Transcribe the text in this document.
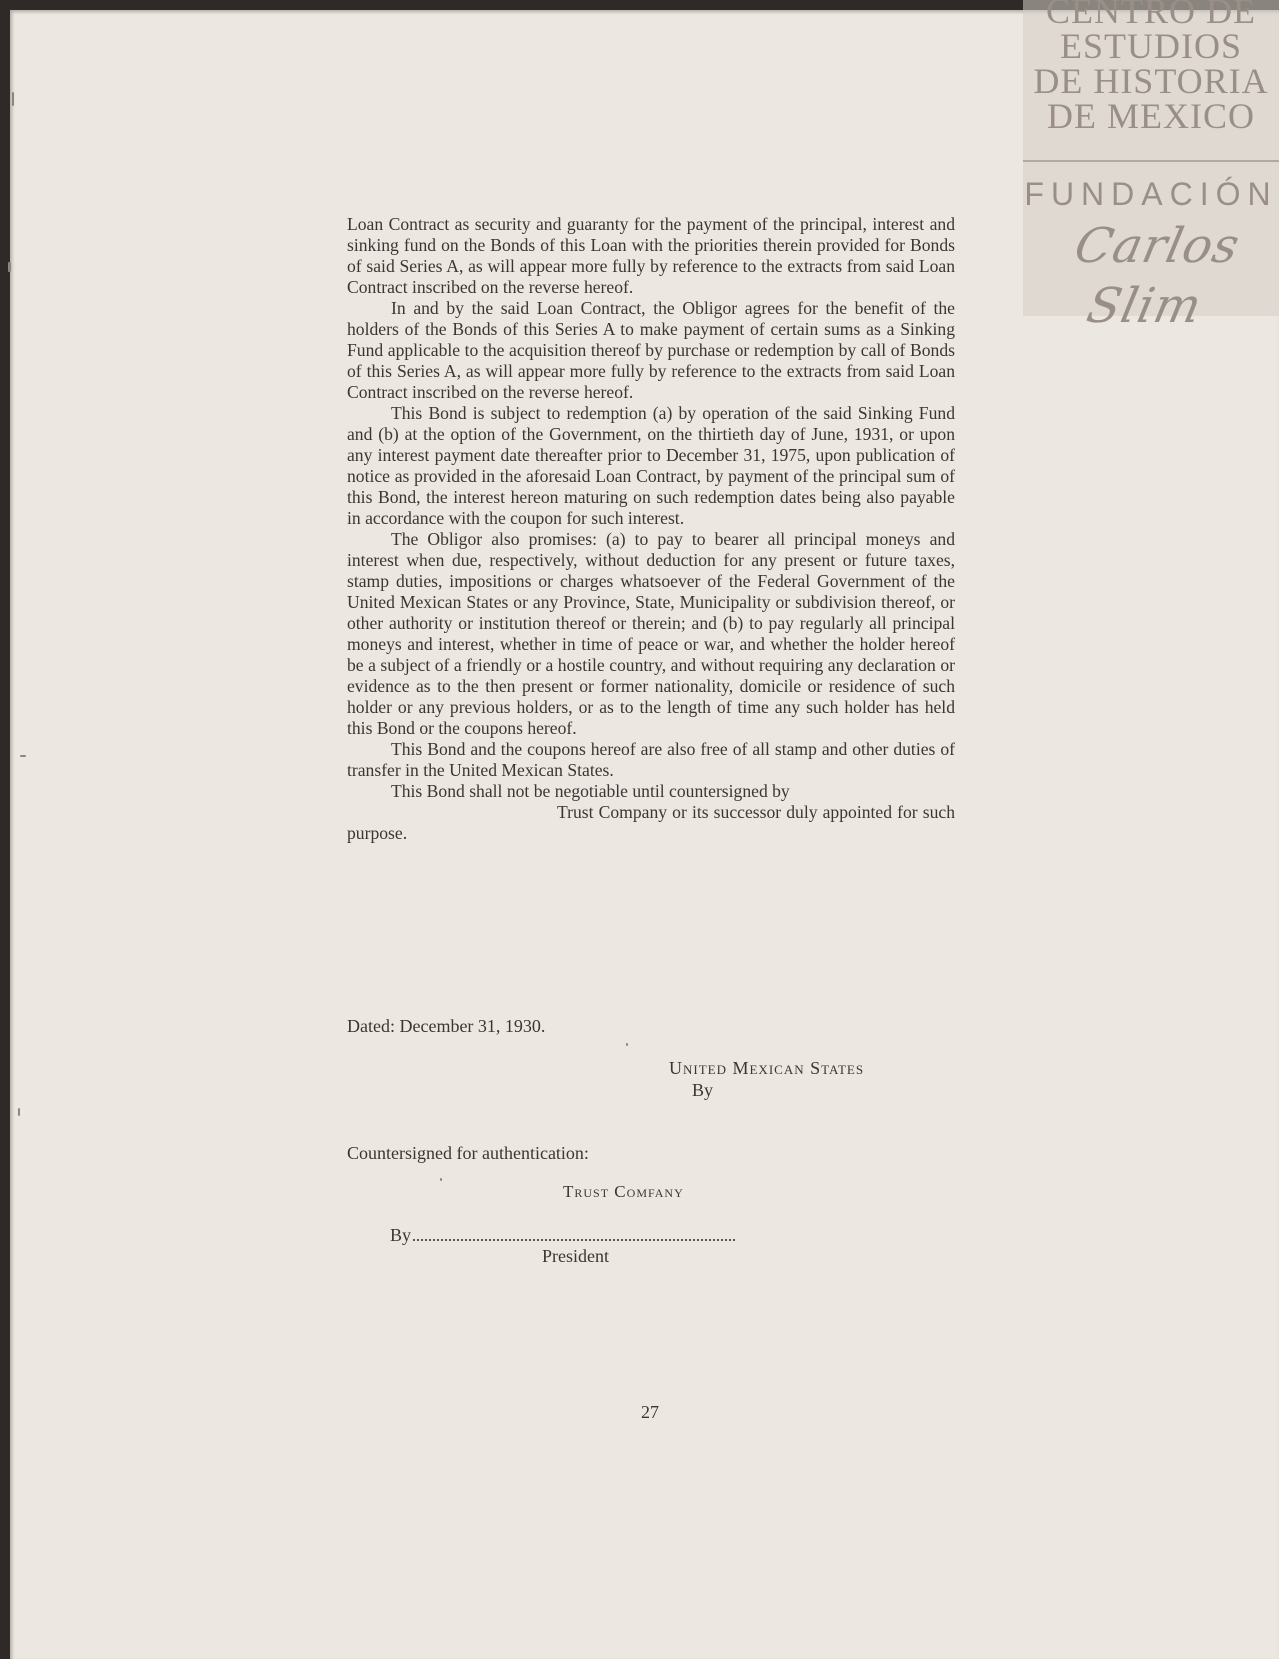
CENTRO DE
ESTUDIOS
DE HISTORIA
DE MEXICO
FUNDACIÓN
Carlos Slim

Loan Contract as security and guaranty for the payment of the principal, interest and sinking fund on the Bonds of this Loan with the priorities therein provided for Bonds of said Series A, as will appear more fully by reference to the extracts from said Loan Contract inscribed on the reverse hereof.

In and by the said Loan Contract, the Obligor agrees for the benefit of the holders of the Bonds of this Series A to make payment of certain sums as a Sinking Fund applicable to the acquisition thereof by purchase or redemption by call of Bonds of this Series A, as will appear more fully by reference to the extracts from said Loan Contract inscribed on the reverse hereof.

This Bond is subject to redemption (a) by operation of the said Sinking Fund and (b) at the option of the Government, on the thirtieth day of June, 1931, or upon any interest payment date thereafter prior to December 31, 1975, upon publication of notice as provided in the aforesaid Loan Contract, by payment of the principal sum of this Bond, the interest hereon maturing on such redemption dates being also payable in accordance with the coupon for such interest.

The Obligor also promises: (a) to pay to bearer all principal moneys and interest when due, respectively, without deduction for any present or future taxes, stamp duties, impositions or charges whatsoever of the Federal Government of the United Mexican States or any Province, State, Municipality or subdivision thereof, or other authority or institution thereof or therein; and (b) to pay regularly all principal moneys and interest, whether in time of peace or war, and whether the holder hereof be a subject of a friendly or a hostile country, and without requiring any declaration or evidence as to the then present or former nationality, domicile or residence of such holder or any previous holders, or as to the length of time any such holder has held this Bond or the coupons hereof.

This Bond and the coupons hereof are also free of all stamp and other duties of transfer in the United Mexican States.

This Bond shall not be negotiable until countersigned by

Trust Company or its successor duly appointed for such purpose.

Dated: December 31, 1930.
United Mexican States
By
Countersigned for authentication:
Trust Comfany
By
President
27
